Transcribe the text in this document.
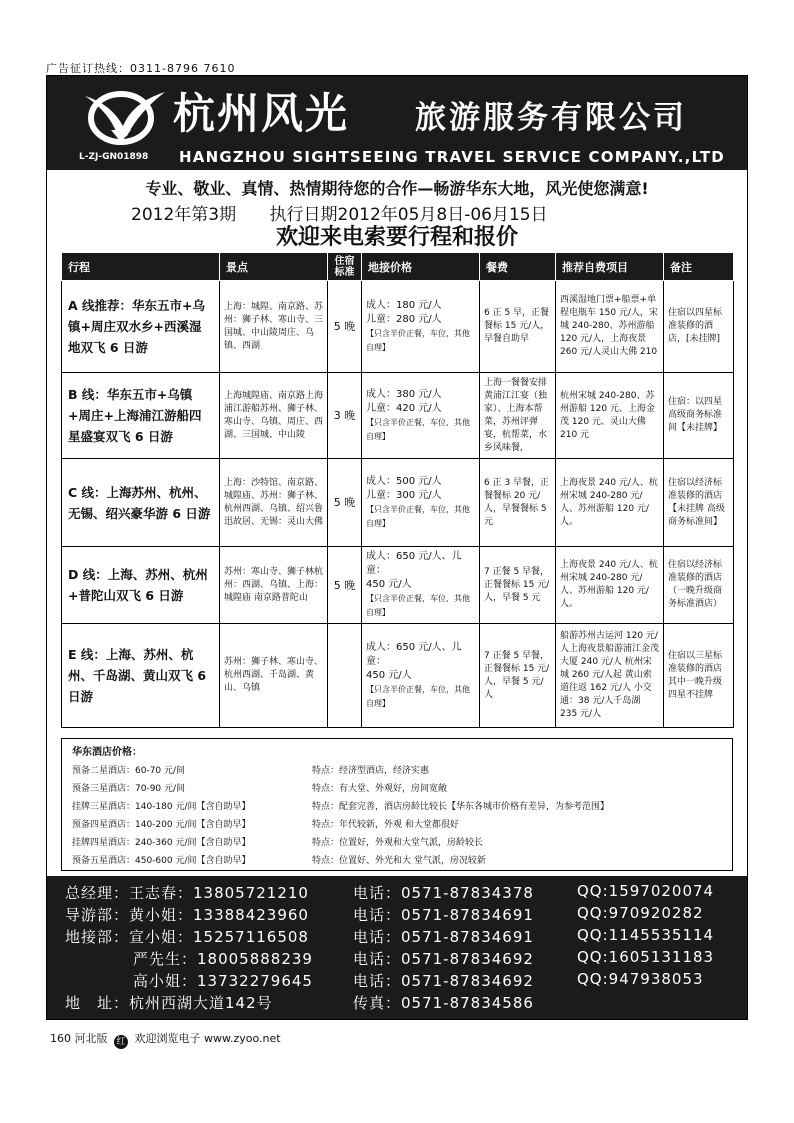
广告征订热线：0311-8796 7610
L-ZJ-GN01898
杭州风光 旅游服务有限公司
HANGZHOU SIGHTSEEING TRAVEL SERVICE COMPANY.,LTD
专业、敬业、真情、热情期待您的合作—畅游华东大地，风光使您满意!
2012年第3期 执行日期2012年05月8日-06月15日
欢迎来电索要行程和报价
行程	景点	住宿标准	地接价格	餐费	推荐自费项目	备注
A 线推荐：华东五市+乌镇+周庄双水乡+西溪湿地双飞 6 日游	上海：城隍、南京路、苏州：狮子林、寒山寺、三国城、中山陵周庄、乌镇、西湖	5 晚	成人：180 元/人
儿童：280 元/人
【只含半价正餐，车位，其他自理】	6 正 5 早，正餐餐标 15 元/人，早餐自助早	西溪湿地门票+船票+单程电瓶车 150 元/人，宋城 240-280、苏州游船 120 元/人，上海夜景 260 元/人灵山大佛 210	住宿以四星标准装修的酒店，[未挂牌]
B 线：华东五市+乌镇+周庄+上海浦江游船四星盛宴双飞 6 日游	上海城隍庙、南京路上海浦江游船苏州、狮子林、寒山寺、乌镇、周庄、西湖、三国城、中山陵	3 晚	成人：380 元/人
儿童：420 元/人
【只含半价正餐，车位，其他自理】	上海一餐餐安排黄浦江江宴（独家）、上海本帮菜，苏州评弹宴，杭帮菜，水乡风味餐，	杭州宋城 240-280、苏州游船 120 元、上海金茂 120 元、灵山大佛 210 元	住宿：以四星高级商务标准间【未挂牌】
C 线：上海苏州、杭州、无锡、绍兴豪华游 6 日游	上海：沙特馆、南京路、城隍庙、苏州：狮子林、杭州西湖、乌镇、绍兴鲁迅故居、无锡：灵山大佛	5 晚	成人：500 元/人
儿童：300 元/人
【只含半价正餐，车位，其他自理】	6 正 3 早餐，正餐餐标 20 元/人，早餐餐标 5 元	上海夜景 240 元/人、杭州宋城 240-280 元/人、苏州游船 120 元/人。	住宿以经济标准装修的酒店【未挂牌 高级商务标准间】
D 线：上海、苏州、杭州+普陀山双飞 6 日游	苏州：寒山寺、狮子林杭州：西湖、乌镇、上海：城隍庙 南京路普陀山	5 晚	成人：650 元/人、儿童：
450 元/人
【只含半价正餐，车位，其他自理】	7 正餐 5 早餐，正餐餐标 15 元/人，早餐 5 元	上海夜景 240 元/人、杭州宋城 240-280 元/人、苏州游船 120 元/人。	住宿以经济标准装修的酒店（一晚升级商务标准酒店）
E 线：上海、苏州、杭州、千岛湖、黄山双飞 6 日游	苏州：狮子林、寒山寺、杭州西湖、千岛湖、黄山、乌镇		成人：650 元/人、儿童：
450 元/人
【只含半价正餐，车位，其他自理】	7 正餐 5 早餐，正餐餐标 15 元/人，早餐 5 元/人	船游苏州古运河 120 元/人上海夜景船游浦江金茂大厦 240 元/人 杭州宋城 260 元/人起 黄山索道往返 162 元/人 小交通：38 元/人千岛湖 235 元/人	住宿以三星标准装修的酒店其中一晚升级四星不挂牌
华东酒店价格：
预备二星酒店：60-70 元/间	特点：经济型酒店，经济实惠
预备三星酒店：70-90 元/间	特点：有大堂、外观好，房间宽敞
挂牌三星酒店：140-180 元/间【含自助早】	特点：配套完善，酒店房龄比较长【华东各城市价格有差异，为参考范围】
预备四星酒店：140-200 元/间【含自助早】	特点：年代较新，外观 和大堂都很好
挂牌四星酒店：240-360 元/间【含自助早】	特点：位置好，外观和大堂气派，房龄较长
预备五星酒店：450-600 元/间【含自助早】	特点：位置好、外光和大 堂气派，房况较新
总经理：王志春：13805721210	电话：0571-87834378	QQ:1597020074
导游部：黄小姐：13388423960	电话：0571-87834691	QQ:970920282
地接部：宣小姐：15257116508	电话：0571-87834691	QQ:1145535114
严先生：18005888239	电话：0571-87834692	QQ:1605131183
高小姐：13732279645	电话：0571-87834692	QQ:947938053
地　址：杭州西湖大道142号	传真：0571-87834586
160 河北版 红 欢迎浏览电子 www.zyoo.net
